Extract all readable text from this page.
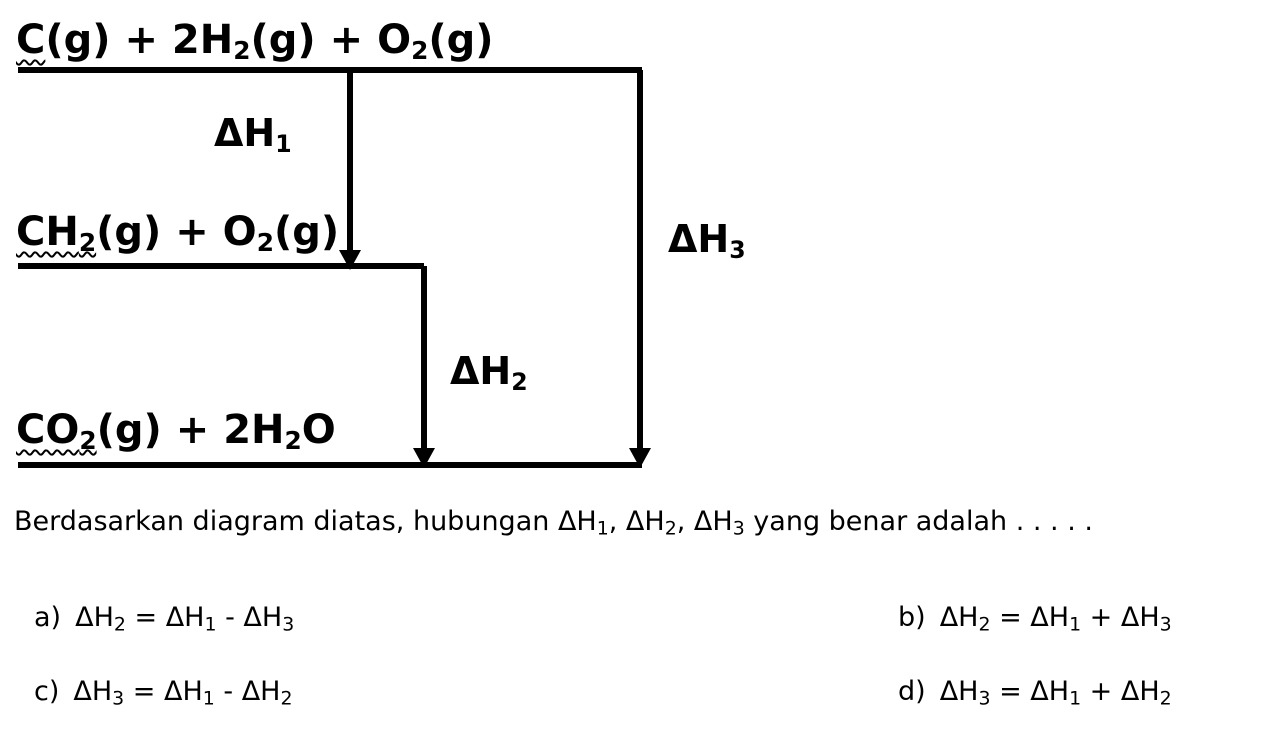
$C(g) + 2H_2(g) + O_2(g)$
$CH_2(g) + O_2(g)$
$CO_2(g) + 2H_2O$
$\Delta H_1$
$\Delta H_2$
$\Delta H_3$
Berdasarkan diagram diatas, hubungan ΔH1, ΔH2, ΔH3 yang benar adalah . . . . .
a) ΔH2 = ΔH1 - ΔH3	b) ΔH2 = ΔH1 + ΔH3
c) ΔH3 = ΔH1 - ΔH2	d) ΔH3 = ΔH1 + ΔH2
